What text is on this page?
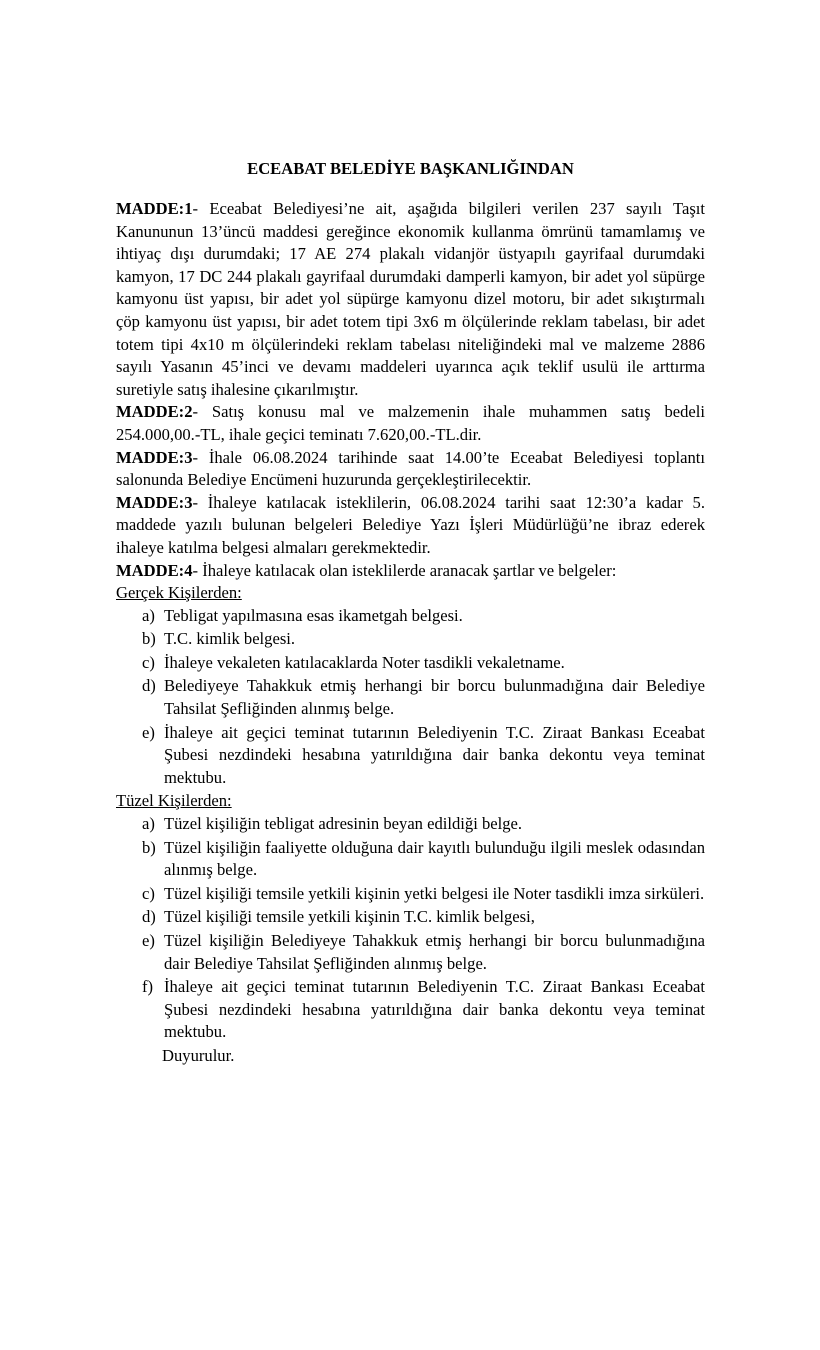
ECEABAT BELEDİYE BAŞKANLIĞINDAN

MADDE:1- Eceabat Belediyesi’ne ait, aşağıda bilgileri verilen 237 sayılı Taşıt Kanununun 13’üncü maddesi gereğince ekonomik kullanma ömrünü tamamlamış ve ihtiyaç dışı durumdaki; 17 AE 274 plakalı vidanjör üstyapılı gayrifaal durumdaki kamyon, 17 DC 244 plakalı gayrifaal durumdaki damperli kamyon, bir adet yol süpürge kamyonu üst yapısı, bir adet yol süpürge kamyonu dizel motoru, bir adet sıkıştırmalı çöp kamyonu üst yapısı, bir adet totem tipi 3x6 m ölçülerinde reklam tabelası, bir adet totem tipi 4x10 m ölçülerindeki reklam tabelası niteliğindeki mal ve malzeme 2886 sayılı Yasanın 45’inci ve devamı maddeleri uyarınca açık teklif usulü ile arttırma suretiyle satış ihalesine çıkarılmıştır.

MADDE:2- Satış konusu mal ve malzemenin ihale muhammen satış bedeli 254.000,00.-TL, ihale geçici teminatı 7.620,00.-TL.dir.

MADDE:3- İhale 06.08.2024 tarihinde saat 14.00’te Eceabat Belediyesi toplantı salonunda Belediye Encümeni huzurunda gerçekleştirilecektir.

MADDE:3- İhaleye katılacak isteklilerin, 06.08.2024 tarihi saat 12:30’a kadar 5. maddede yazılı bulunan belgeleri Belediye Yazı İşleri Müdürlüğü’ne ibraz ederek ihaleye katılma belgesi almaları gerekmektedir.

MADDE:4- İhaleye katılacak olan isteklilerde aranacak şartlar ve belgeler:

Gerçek Kişilerden:

a) Tebligat yapılmasına esas ikametgah belgesi.
b) T.C. kimlik belgesi.
c) İhaleye vekaleten katılacaklarda Noter tasdikli vekaletname.
d) Belediyeye Tahakkuk etmiş herhangi bir borcu bulunmadığına dair Belediye Tahsilat Şefliğinden alınmış belge.
e) İhaleye ait geçici teminat tutarının Belediyenin T.C. Ziraat Bankası Eceabat Şubesi nezdindeki hesabına yatırıldığına dair banka dekontu veya teminat mektubu.

Tüzel Kişilerden:

a) Tüzel kişiliğin tebligat adresinin beyan edildiği belge.
b) Tüzel kişiliğin faaliyette olduğuna dair kayıtlı bulunduğu ilgili meslek odasından alınmış belge.
c) Tüzel kişiliği temsile yetkili kişinin yetki belgesi ile Noter tasdikli imza sirküleri.
d) Tüzel kişiliği temsile yetkili kişinin T.C. kimlik belgesi,
e) Tüzel kişiliğin Belediyeye Tahakkuk etmiş herhangi bir borcu bulunmadığına dair Belediye Tahsilat Şefliğinden alınmış belge.
f) İhaleye ait geçici teminat tutarının Belediyenin T.C. Ziraat Bankası Eceabat Şubesi nezdindeki hesabına yatırıldığına dair banka dekontu veya teminat mektubu.

Duyurulur.
